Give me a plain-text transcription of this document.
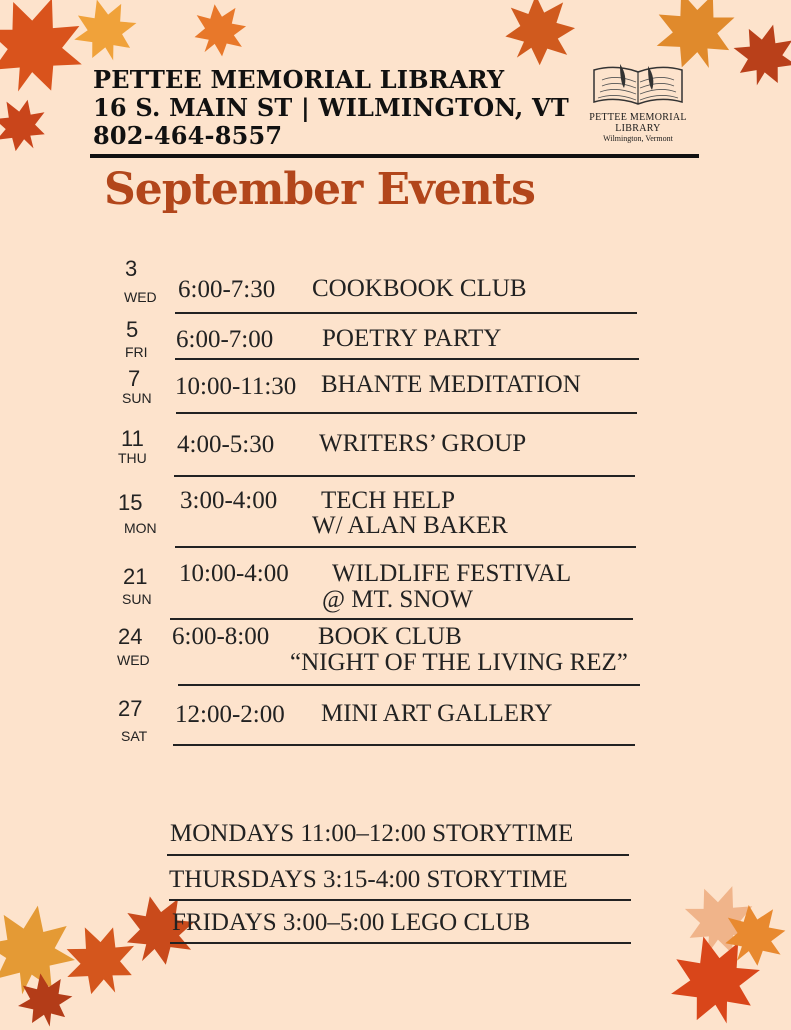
PETTEE MEMORIAL LIBRARY
16 S. MAIN ST | WILMINGTON, VT
802-464-8557
PETTEE MEMORIAL
LIBRARY
Wilmington, Vermont
September Events
3
WED 6:00-7:30 COOKBOOK CLUB
5
FRI 6:00-7:00 POETRY PARTY
7
SUN 10:00-11:30 BHANTE MEDITATION
11
THU 4:00-5:30 WRITERS’ GROUP
15
MON
3:00-4:00 TECH HELP
W/ ALAN BAKER
21
SUN
10:00-4:00 WILDLIFE FESTIVAL
@ MT. SNOW
24
WED
6:00-8:00 BOOK CLUB
“NIGHT OF THE LIVING REZ”
27
SAT
12:00-2:00 MINI ART GALLERY
MONDAYS 11:00–12:00 STORYTIME
THURSDAYS 3:15-4:00 STORYTIME
FRIDAYS 3:00–5:00 LEGO CLUB
